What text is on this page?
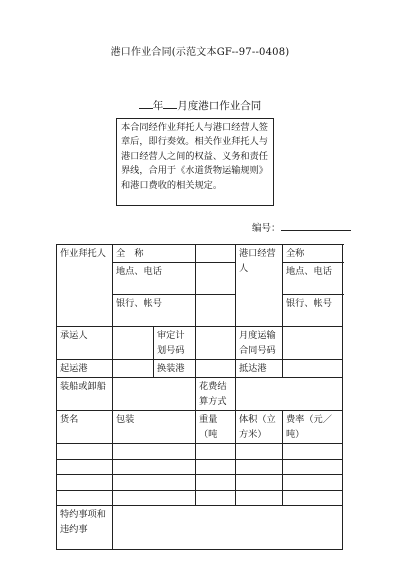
港口作业合同(示范文本GF--97--0408)
年 月度港口作业合同
本合同经作业拜托人与港口经营人签章后，即行奏效。相关作业拜托人与港口经营人之间的权益、义务和责任界线，合用于《水道货物运输规则》和港口费收的相关规定。
编号：
作业拜托人	全　称			港口经营人	全称
	地点、电话				地点、电话
	银行、帐号				银行、帐号
承运人		审定计划号码		月度运输合同号码	
起运港		换装港		抵达港	
装船或卸船			花费结算方式		
货名	包装		重量（吨	体积（立方米）	费率（元／吨）

特约事项和违约事					
